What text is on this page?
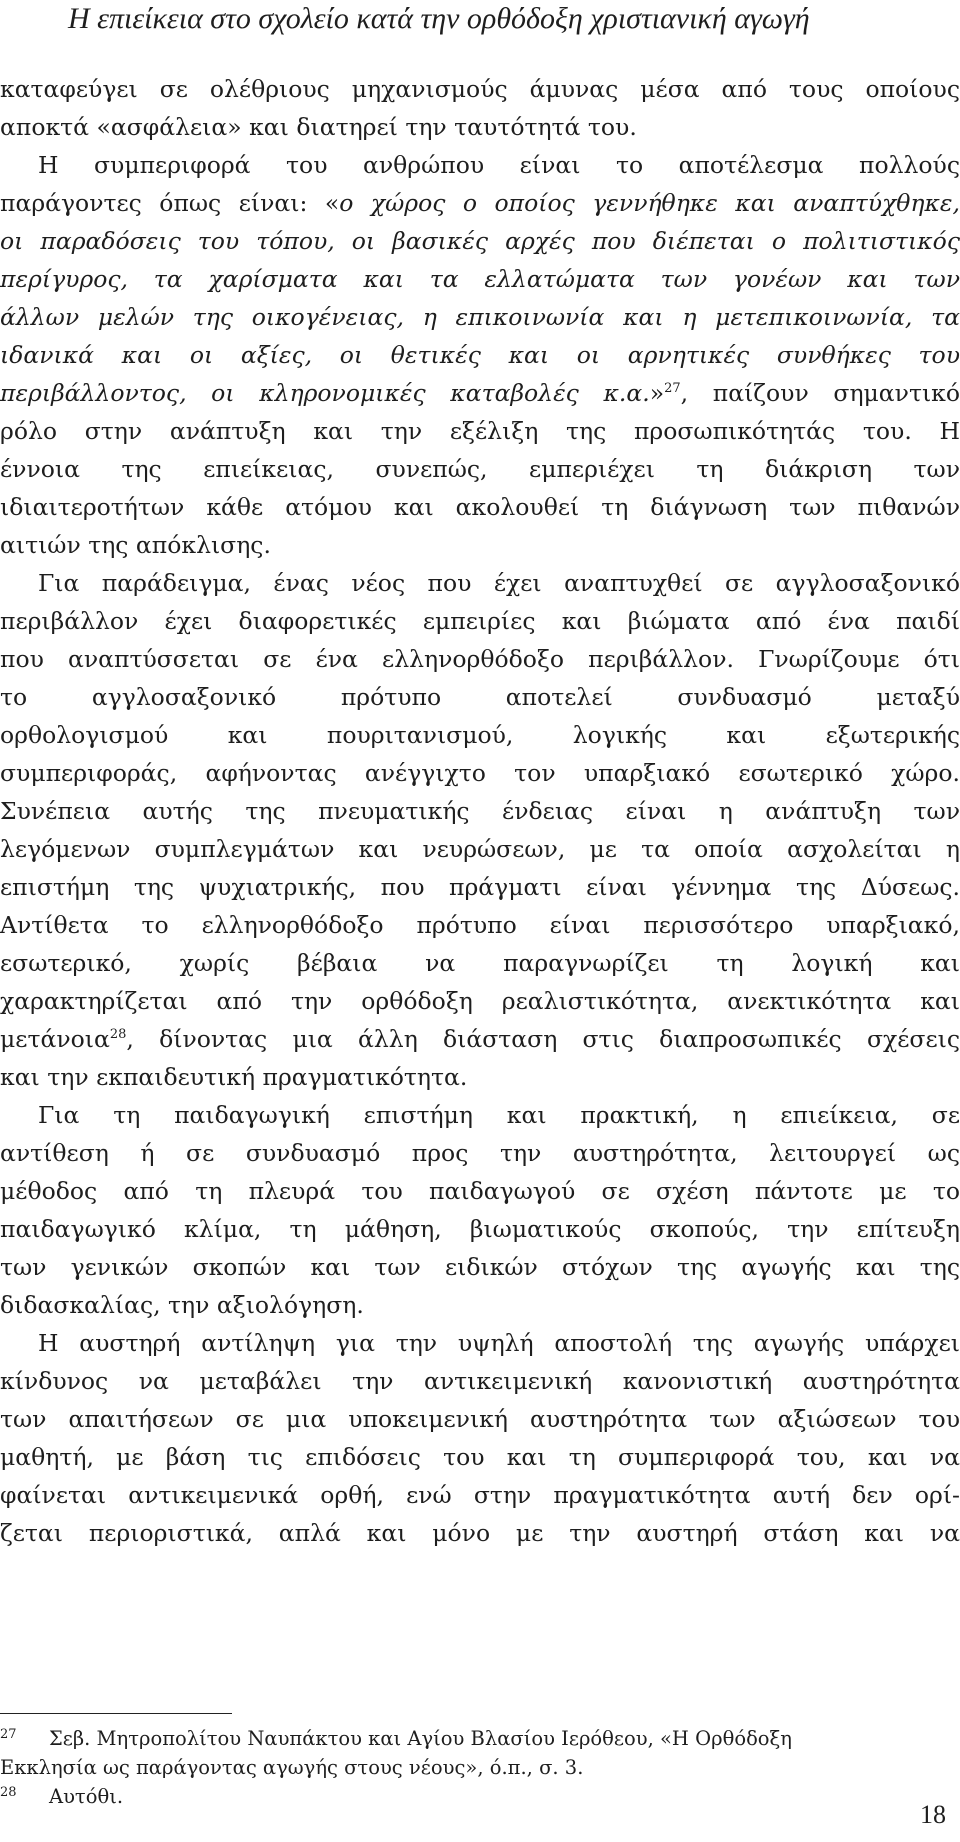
Η επιείκεια στο σχολείο κατά την ορθόδοξη χριστιανική αγωγή
καταφεύγει σε ολέθριους μηχανισμούς άμυνας μέσα από τους οποίους
αποκτά «ασφάλεια» και διατηρεί την ταυτότητά του.
Η συμπεριφορά του ανθρώπου είναι το αποτέλεσμα πολλούς
παράγοντες όπως είναι: «ο χώρος ο οποίος γεννήθηκε και αναπτύχθηκε,
οι παραδόσεις του τόπου, οι βασικές αρχές που διέπεται ο πολιτιστικός
περίγυρος, τα χαρίσματα και τα ελλατώματα των γονέων και των
άλλων μελών της οικογένειας, η επικοινωνία και η μετεπικοινωνία, τα
ιδανικά και οι αξίες, οι θετικές και οι αρνητικές συνθήκες του
περιβάλλοντος, οι κληρονομικές καταβολές κ.α.»$^{27}$, παίζουν σημαντικό
ρόλο στην ανάπτυξη και την εξέλιξη της προσωπικότητάς του. Η
έννοια της επιείκειας, συνεπώς, εμπεριέχει τη διάκριση των
ιδιαιτεροτήτων κάθε ατόμου και ακολουθεί τη διάγνωση των πιθανών
αιτιών της απόκλισης.
Για παράδειγμα, ένας νέος που έχει αναπτυχθεί σε αγγλοσαξονικό
περιβάλλον έχει διαφορετικές εμπειρίες και βιώματα από ένα παιδί
που αναπτύσσεται σε ένα ελληνορθόδοξο περιβάλλον. Γνωρίζουμε ότι
το αγγλοσαξονικό πρότυπο αποτελεί συνδυασμό μεταξύ
ορθολογισμού και πουριτανισμού, λογικής και εξωτερικής
συμπεριφοράς, αφήνοντας ανέγγιχτο τον υπαρξιακό εσωτερικό χώρο.
Συνέπεια αυτής της πνευματικής ένδειας είναι η ανάπτυξη των
λεγόμενων συμπλεγμάτων και νευρώσεων, με τα οποία ασχολείται η
επιστήμη της ψυχιατρικής, που πράγματι είναι γέννημα της Δύσεως.
Αντίθετα το ελληνορθόδοξο πρότυπο είναι περισσότερο υπαρξιακό,
εσωτερικό, χωρίς βέβαια να παραγνωρίζει τη λογική και
χαρακτηρίζεται από την ορθόδοξη ρεαλιστικότητα, ανεκτικότητα και
μετάνοια$^{28}$, δίνοντας μια άλλη διάσταση στις διαπροσωπικές σχέσεις
και την εκπαιδευτική πραγματικότητα.
Για τη παιδαγωγική επιστήμη και πρακτική, η επιείκεια, σε
αντίθεση ή σε συνδυασμό προς την αυστηρότητα, λειτουργεί ως
μέθοδος από τη πλευρά του παιδαγωγού σε σχέση πάντοτε με το
παιδαγωγικό κλίμα, τη μάθηση, βιωματικούς σκοπούς, την επίτευξη
των γενικών σκοπών και των ειδικών στόχων της αγωγής και της
διδασκαλίας, την αξιολόγηση.
Η αυστηρή αντίληψη για την υψηλή αποστολή της αγωγής υπάρχει
κίνδυνος να μεταβάλει την αντικειμενική κανονιστική αυστηρότητα
των απαιτήσεων σε μια υποκειμενική αυστηρότητα των αξιώσεων του
μαθητή, με βάση τις επιδόσεις του και τη συμπεριφορά του, και να
φαίνεται αντικειμενικά ορθή, ενώ στην πραγματικότητα αυτή δεν ορί-
ζεται περιοριστικά, απλά και μόνο με την αυστηρή στάση και να
27 Σεβ. Μητροπολίτου Ναυπάκτου και Αγίου Βλασίου Ιερόθεου, «Η Ορθόδοξη
Εκκλησία ως παράγοντας αγωγής στους νέους», ό.π., σ. 3.
28 Αυτόθι.
18
